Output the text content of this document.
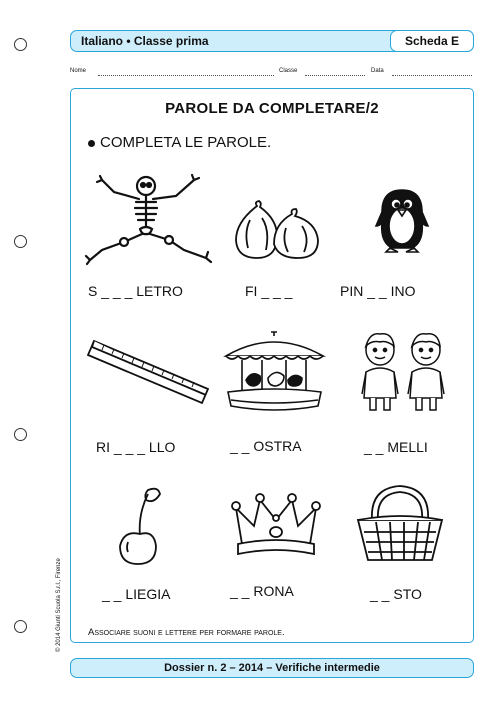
Italiano • Classe prima	Scheda E
Nome	Classe	Data
PAROLE DA COMPLETARE/2
COMPLETA LE PAROLE.
S _ _ _ LETRO	FI _ _ _	PIN _ _ INO
RI _ _ _ LLO	_ _ OSTRA	_ _ MELLI
_ _ LIEGIA	_ _ RONA	_ _ STO
Associare suoni e lettere per formare parole.
© 2014 Giunti Scuola S.r.l., Firenze
Dossier n. 2 – 2014 – Verifiche intermedie
